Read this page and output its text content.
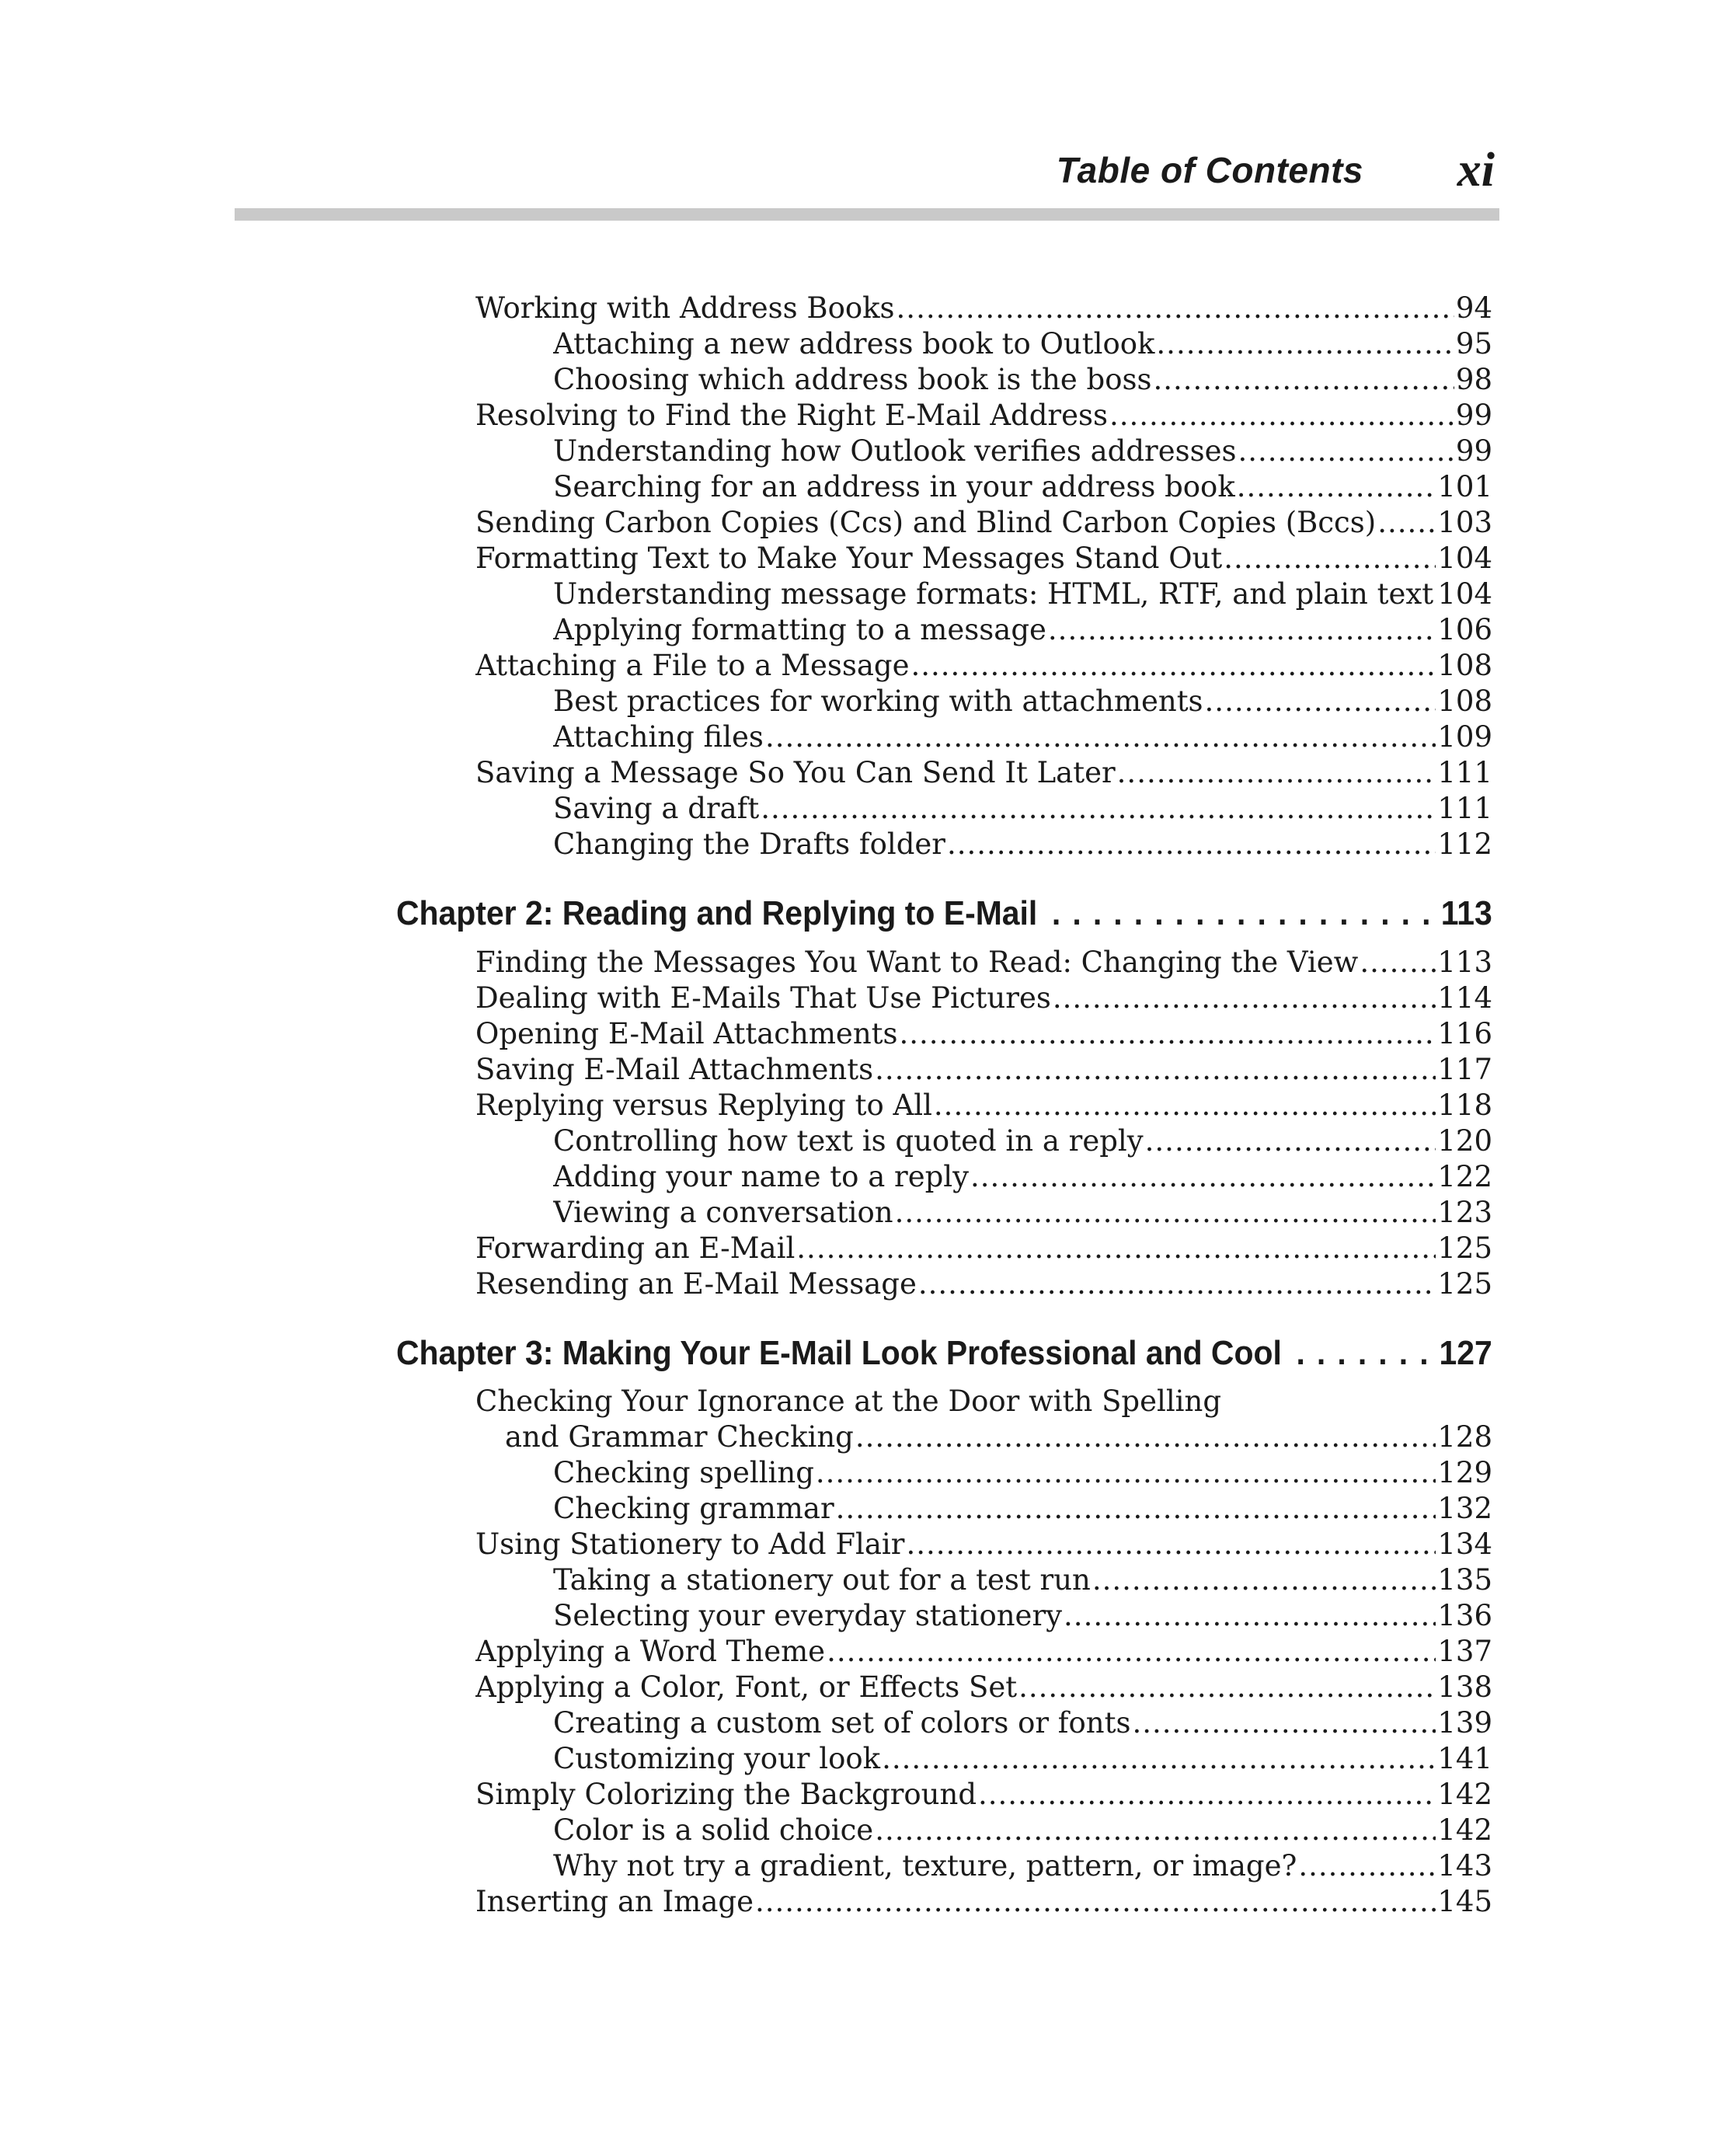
Table of Contents xi
Working with Address Books .....	94
Attaching a new address book to Outlook .....	95
Choosing which address book is the boss .....	98
Resolving to Find the Right E-Mail Address .....	99
Understanding how Outlook verifies addresses .....	99
Searching for an address in your address book .....	101
Sending Carbon Copies (Ccs) and Blind Carbon Copies (Bccs) ..... 103
Formatting Text to Make Your Messages Stand Out .....	104
Understanding message formats: HTML, RTF, and plain text ..... 104
Applying formatting to a message .....	106
Attaching a File to a Message .....	108
Best practices for working with attachments .....	108
Attaching files .....	109
Saving a Message So You Can Send It Later .....	111
Saving a draft .....	111
Changing the Drafts folder .....	112
Chapter 2: Reading and Replying to E-Mail . . .	113
Finding the Messages You Want to Read: Changing the View .....	113
Dealing with E-Mails That Use Pictures .....	114
Opening E-Mail Attachments .....	116
Saving E-Mail Attachments .....	117
Replying versus Replying to All .....	118
Controlling how text is quoted in a reply .....	120
Adding your name to a reply .....	122
Viewing a conversation .....	123
Forwarding an E-Mail .....	125
Resending an E-Mail Message .....	125
Chapter 3: Making Your E-Mail Look Professional and Cool . . .	127
Checking Your Ignorance at the Door with Spelling
and Grammar Checking .....	128
Checking spelling .....	129
Checking grammar .....	132
Using Stationery to Add Flair .....	134
Taking a stationery out for a test run .....	135
Selecting your everyday stationery .....	136
Applying a Word Theme .....	137
Applying a Color, Font, or Effects Set .....	138
Creating a custom set of colors or fonts .....	139
Customizing your look .....	141
Simply Colorizing the Background .....	142
Color is a solid choice .....	142
Why not try a gradient, texture, pattern, or image? .....	143
Inserting an Image .....	145
